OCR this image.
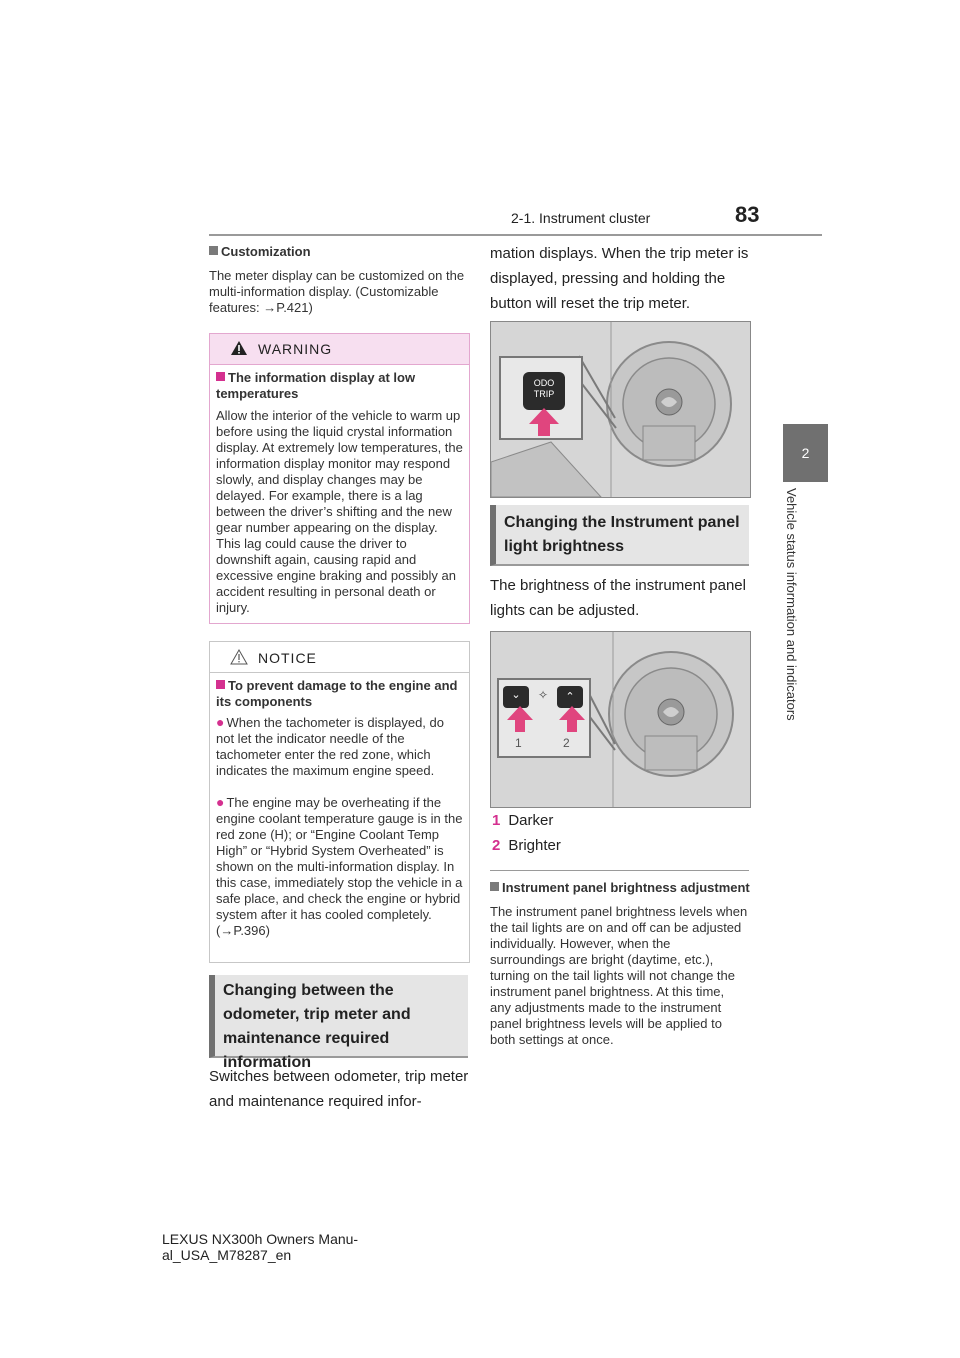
2-1. Instrument cluster	83
2
Vehicle status information and indicators
Customization
The meter display can be customized on the multi-information display. (Customizable features: →P.421)
WARNING
The information display at low temperatures
Allow the interior of the vehicle to warm up before using the liquid crystal information display. At extremely low temperatures, the information display monitor may respond slowly, and display changes may be delayed. For example, there is a lag between the driver’s shifting and the new gear number appearing on the display. This lag could cause the driver to downshift again, causing rapid and excessive engine braking and possibly an accident resulting in personal death or injury.
NOTICE
To prevent damage to the engine and its components
● When the tachometer is displayed, do not let the indicator needle of the tachometer enter the red zone, which indicates the maximum engine speed.
● The engine may be overheating if the engine coolant temperature gauge is in the red zone (H); or “Engine Coolant Temp High” or “Hybrid System Overheated” is shown on the multi-information display. In this case, immediately stop the vehicle in a safe place, and check the engine or hybrid system after it has cooled completely. (→P.396)
Changing between the odometer, trip meter and maintenance required information
Switches between odometer, trip meter and maintenance required infor-
mation displays. When the trip meter is displayed, pressing and holding the button will reset the trip meter.
ODO
TRIP
Changing the Instrument panel light brightness
The brightness of the instrument panel lights can be adjusted.
⌄	✧	⌃
1	2
1 Darker
2 Brighter
Instrument panel brightness adjustment
The instrument panel brightness levels when the tail lights are on and off can be adjusted individually. However, when the surroundings are bright (daytime, etc.), turning on the tail lights will not change the instrument panel brightness. At this time, any adjustments made to the instrument panel brightness levels will be applied to both settings at once.
LEXUS NX300h Owners Manu-
al_USA_M78287_en
